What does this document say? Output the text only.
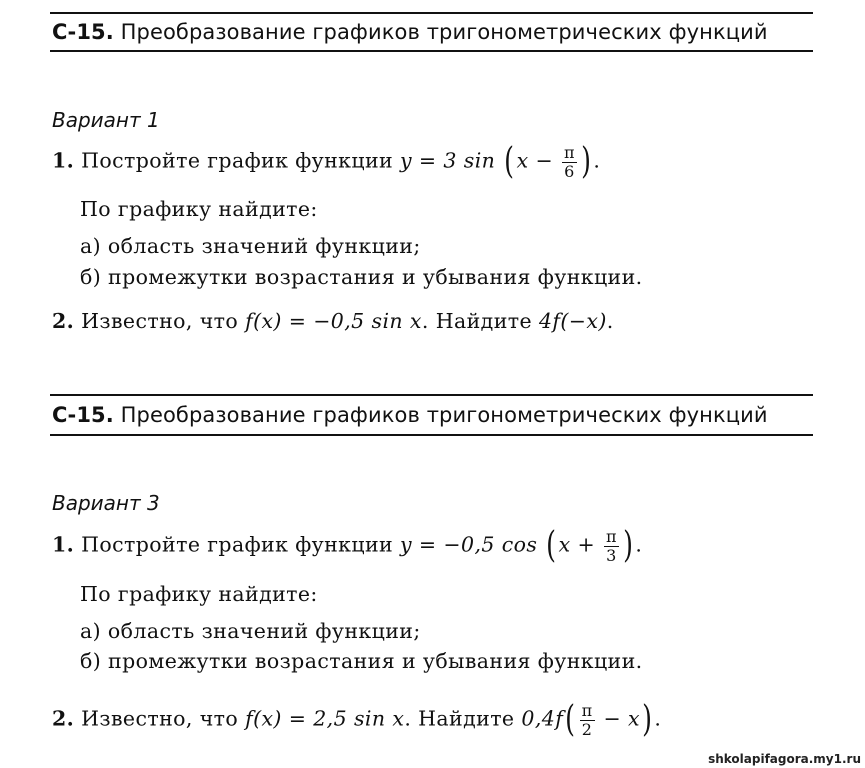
С-15. Преобразование графиков тригонометрических функций
Вариант 1
1. Постройте график функции y = 3 sin ( $x - \frac{\pi}{6}$ ) .
По графику найдите:
а) область значений функции;
б) промежутки возрастания и убывания функции.
2. Известно, что f(x) = −0,5 sin x. Найдите 4f(−x).
С-15. Преобразование графиков тригонометрических функций
Вариант 3
1. Постройте график функции y = −0,5 cos ( $x + \frac{\pi}{3}$ ) .
По графику найдите:
а) область значений функции;
б) промежутки возрастания и убывания функции.
2. Известно, что f(x) = 2,5 sin x. Найдите $0,4f( \frac{\pi}{2} - x)$ .
shkolapifagora.my1.ru
